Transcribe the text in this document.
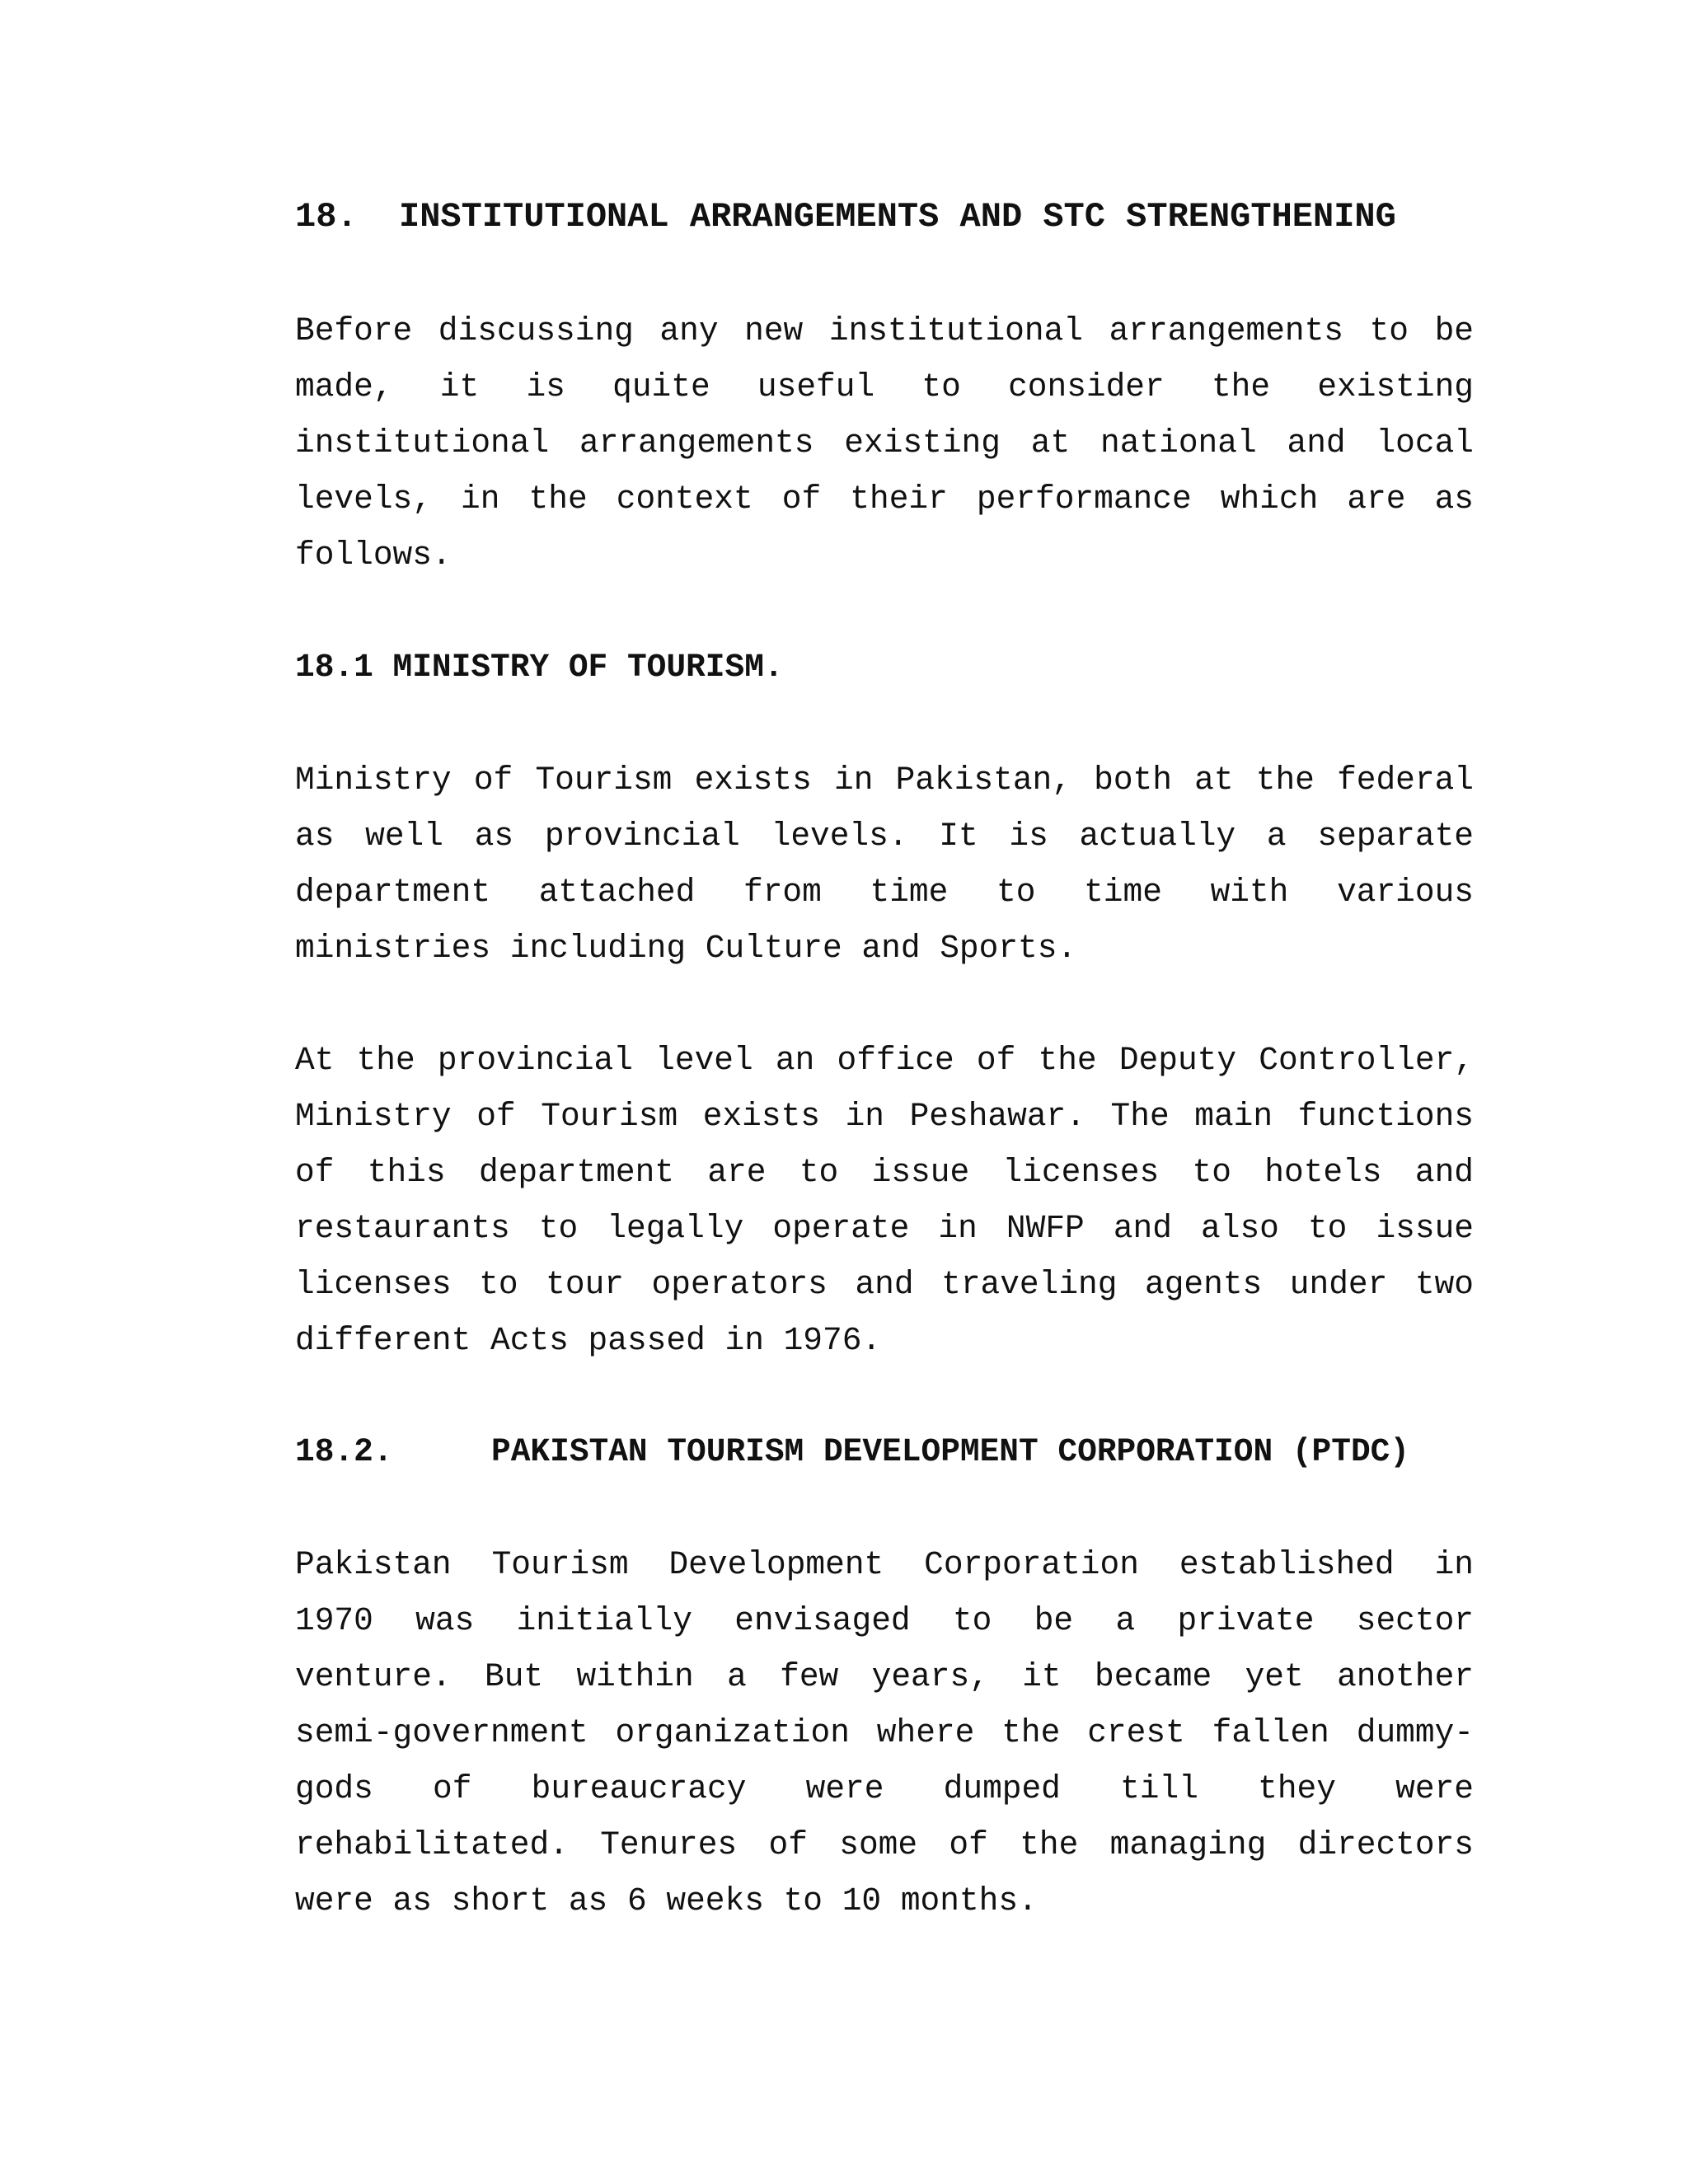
18.  INSTITUTIONAL ARRANGEMENTS AND STC STRENGTHENING
Before discussing any new institutional arrangements to be
made, it is quite useful to consider the existing
institutional arrangements existing at national and local
levels, in the context of their performance which are as
follows.
18.1 MINISTRY OF TOURISM.
Ministry of Tourism exists in Pakistan, both at the federal
as well as provincial levels. It is actually a separate
department attached from time to time with various
ministries including Culture and Sports.
At the provincial level an office of the Deputy Controller,
Ministry of Tourism exists in Peshawar. The main functions
of this department are to issue licenses to hotels and
restaurants to legally operate in NWFP and also to issue
licenses to tour operators and traveling agents under two
different Acts passed in 1976.
18.2.	PAKISTAN TOURISM DEVELOPMENT CORPORATION (PTDC)
Pakistan Tourism Development Corporation established in
1970 was initially envisaged to be a private sector
venture. But within a few years, it became yet another
semi-government organization where the crest fallen dummy-
gods of bureaucracy were dumped till they were
rehabilitated. Tenures of some of the managing directors
were as short as 6 weeks to 10 months.
